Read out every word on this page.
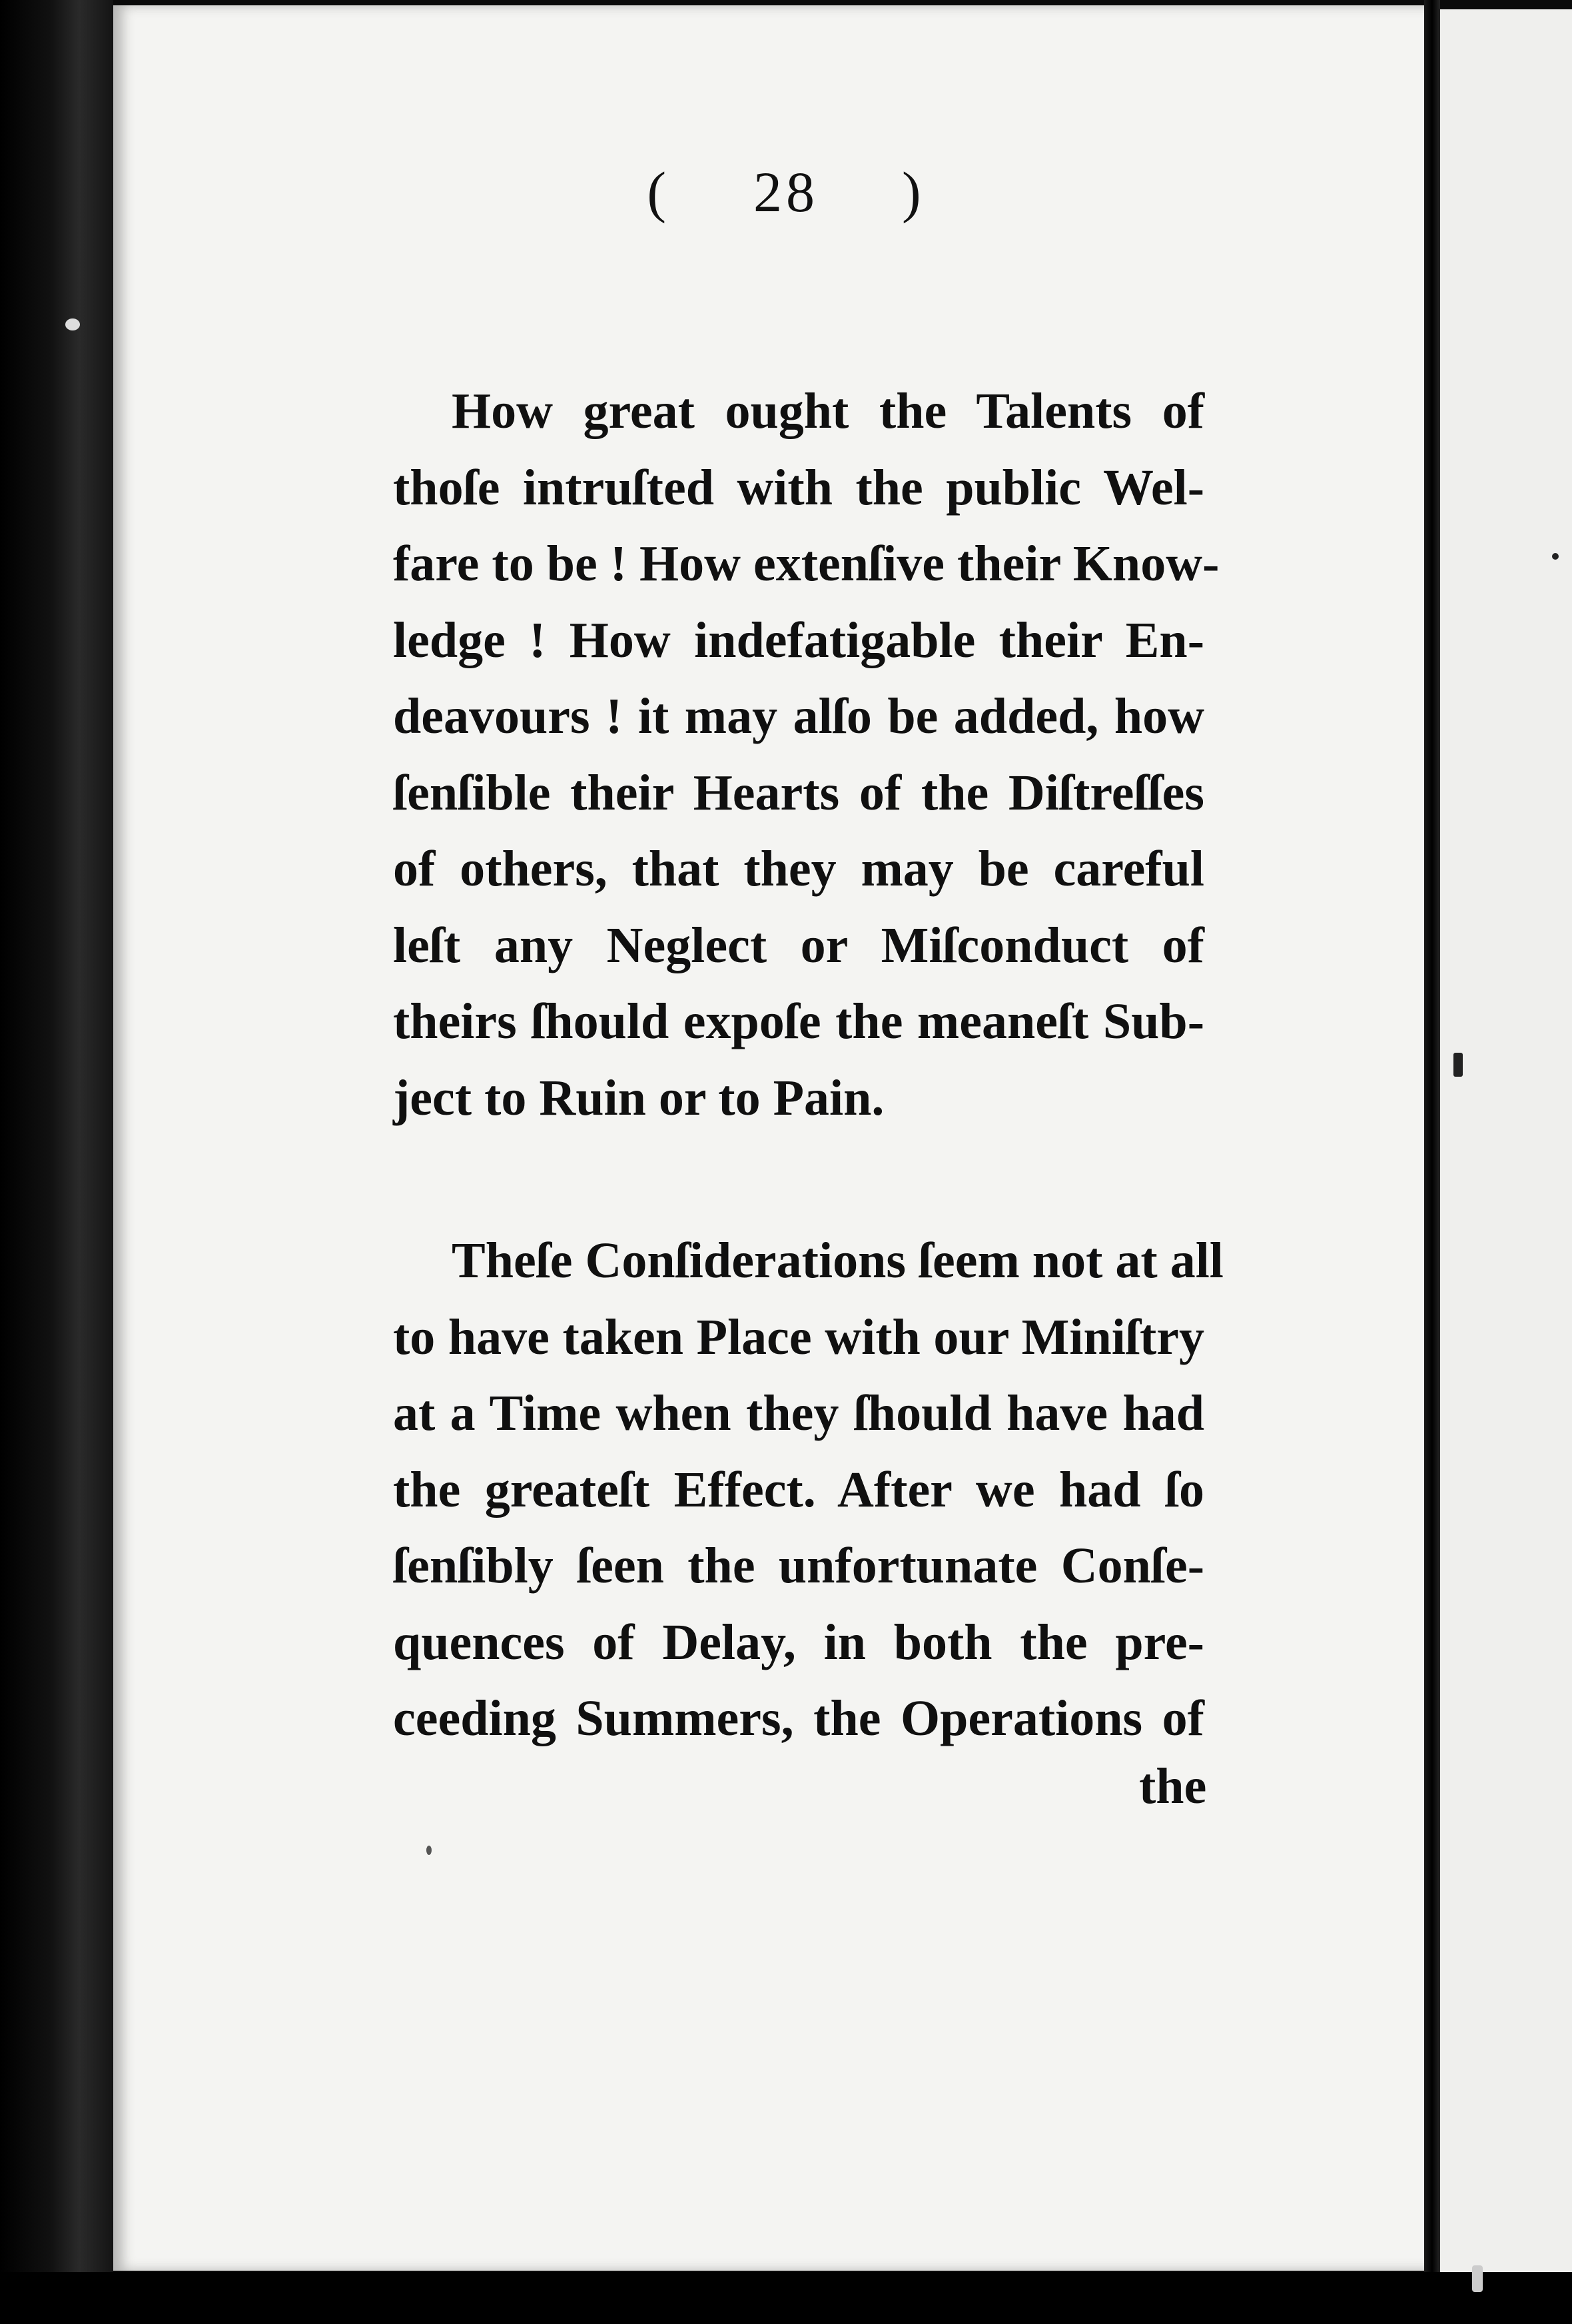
( 28 )
How great ought the Talents of
thoſe intruſted with the public Wel-
fare to be ! How extenſive their Know-
ledge ! How indefatigable their En-
deavours ! it may alſo be added, how
ſenſible their Hearts of the Diſtreſſes
of others, that they may be careful
leſt any Neglect or Miſconduct of
theirs ſhould expoſe the meaneſt Sub-
ject to Ruin or to Pain.
Theſe Conſiderations ſeem not at all
to have taken Place with our Miniſtry
at a Time when they ſhould have had
the greateſt Effect. After we had ſo
ſenſibly ſeen the unfortunate Conſe-
quences of Delay, in both the pre-
ceeding Summers, the Operations of
the
